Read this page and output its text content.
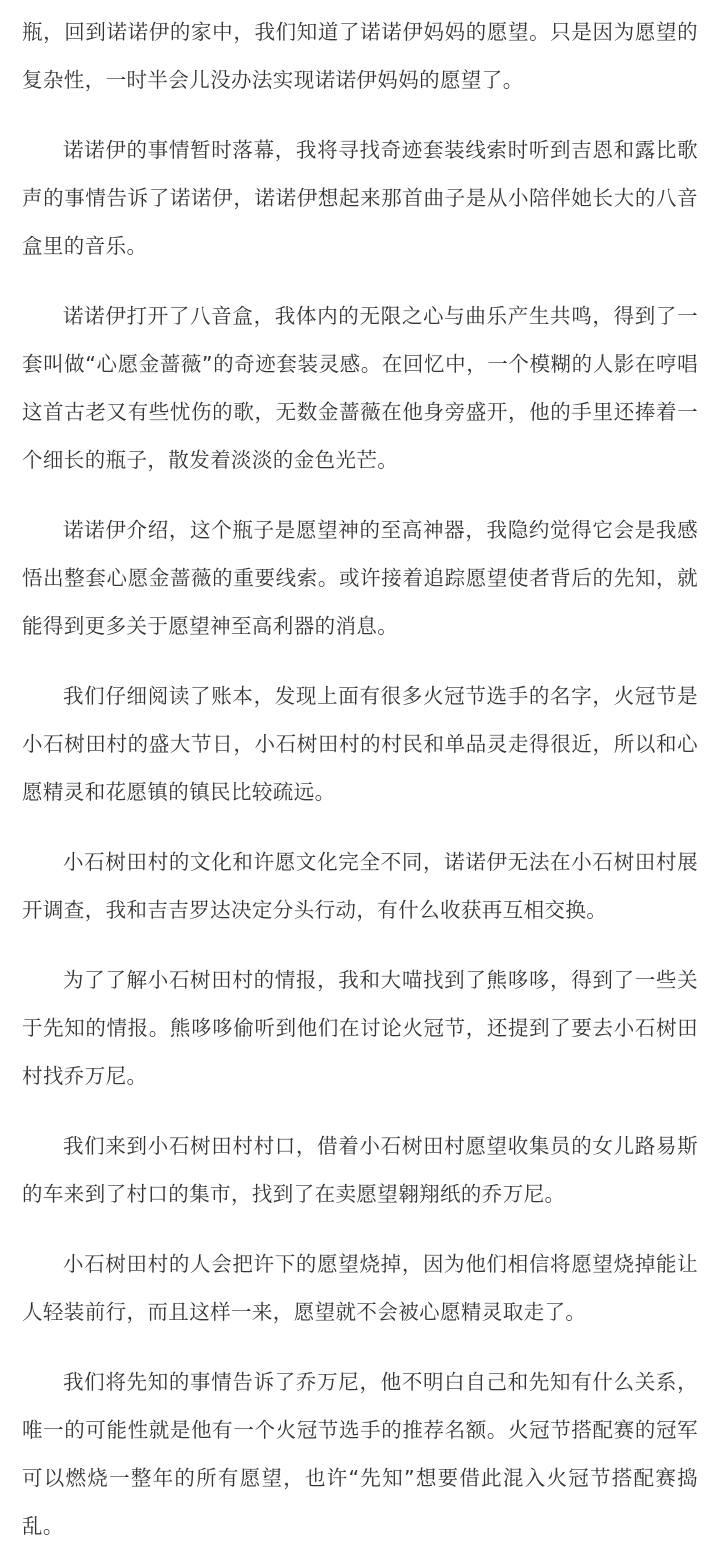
瓶，回到诺诺伊的家中，我们知道了诺诺伊妈妈的愿望。只是因为愿望的复杂性，一时半会儿没办法实现诺诺伊妈妈的愿望了。

诺诺伊的事情暂时落幕，我将寻找奇迹套装线索时听到吉恩和露比歌声的事情告诉了诺诺伊，诺诺伊想起来那首曲子是从小陪伴她长大的八音盒里的音乐。

诺诺伊打开了八音盒，我体内的无限之心与曲乐产生共鸣，得到了一套叫做“心愿金蔷薇”的奇迹套装灵感。在回忆中，一个模糊的人影在哼唱这首古老又有些忧伤的歌，无数金蔷薇在他身旁盛开，他的手里还捧着一个细长的瓶子，散发着淡淡的金色光芒。

诺诺伊介绍，这个瓶子是愿望神的至高神器，我隐约觉得它会是我感悟出整套心愿金蔷薇的重要线索。或许接着追踪愿望使者背后的先知，就能得到更多关于愿望神至高利器的消息。

我们仔细阅读了账本，发现上面有很多火冠节选手的名字，火冠节是小石树田村的盛大节日，小石树田村的村民和单品灵走得很近，所以和心愿精灵和花愿镇的镇民比较疏远。

小石树田村的文化和许愿文化完全不同，诺诺伊无法在小石树田村展开调查，我和吉吉罗达决定分头行动，有什么收获再互相交换。

为了了解小石树田村的情报，我和大喵找到了熊哆哆，得到了一些关于先知的情报。熊哆哆偷听到他们在讨论火冠节，还提到了要去小石树田村找乔万尼。

我们来到小石树田村村口，借着小石树田村愿望收集员的女儿路易斯的车来到了村口的集市，找到了在卖愿望翱翔纸的乔万尼。

小石树田村的人会把许下的愿望烧掉，因为他们相信将愿望烧掉能让人轻装前行，而且这样一来，愿望就不会被心愿精灵取走了。

我们将先知的事情告诉了乔万尼，他不明白自己和先知有什么关系，唯一的可能性就是他有一个火冠节选手的推荐名额。火冠节搭配赛的冠军可以燃烧一整年的所有愿望，也许“先知”想要借此混入火冠节搭配赛捣乱。
